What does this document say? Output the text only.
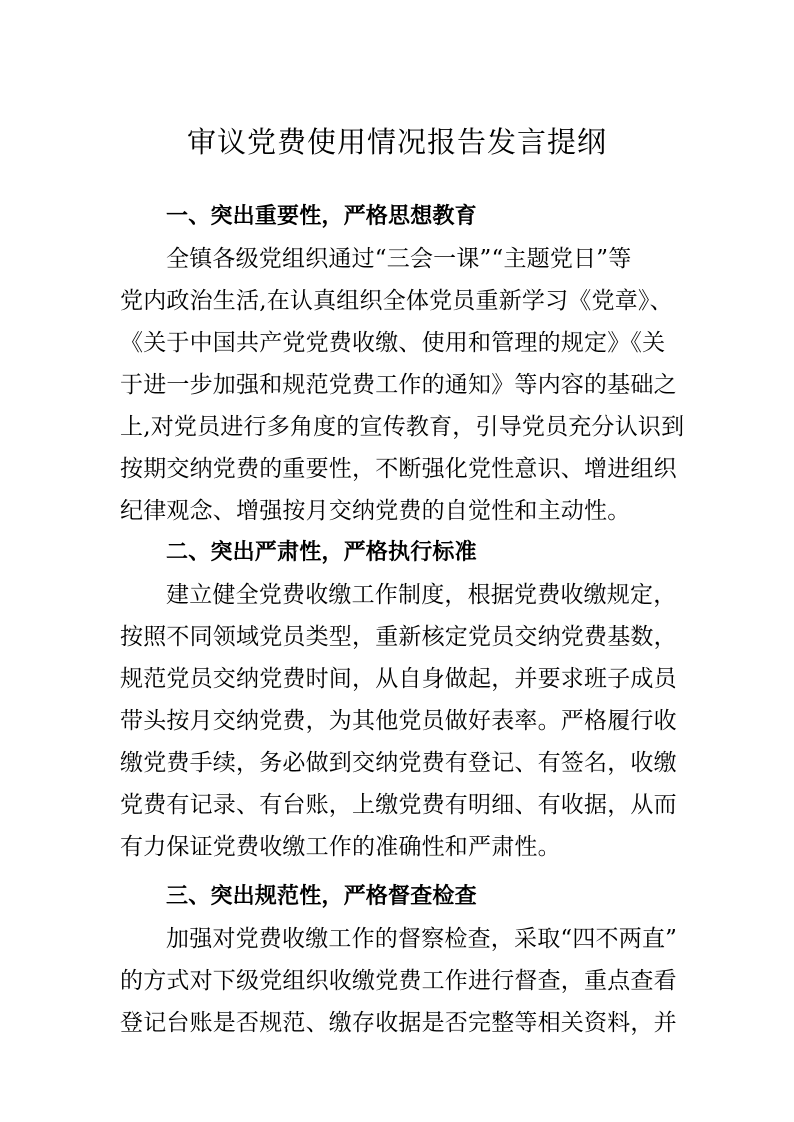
审议党费使用情况报告发言提纲
一、突出重要性，严格思想教育

全镇各级党组织通过“三会一课”“主题党日”等
党内政治生活,在认真组织全体党员重新学习《党章》、
《关于中国共产党党费收缴、使用和管理的规定》《关
于进一步加强和规范党费工作的通知》等内容的基础之
上,对党员进行多角度的宣传教育，引导党员充分认识到
按期交纳党费的重要性，不断强化党性意识、增进组织
纪律观念、增强按月交纳党费的自觉性和主动性。

二、突出严肃性，严格执行标准

建立健全党费收缴工作制度，根据党费收缴规定，
按照不同领域党员类型，重新核定党员交纳党费基数，
规范党员交纳党费时间，从自身做起，并要求班子成员
带头按月交纳党费，为其他党员做好表率。严格履行收
缴党费手续，务必做到交纳党费有登记、有签名，收缴
党费有记录、有台账，上缴党费有明细、有收据，从而
有力保证党费收缴工作的准确性和严肃性。

三、突出规范性，严格督查检查

加强对党费收缴工作的督察检查，采取“四不两直”
的方式对下级党组织收缴党费工作进行督查，重点查看
登记台账是否规范、缴存收据是否完整等相关资料，并
